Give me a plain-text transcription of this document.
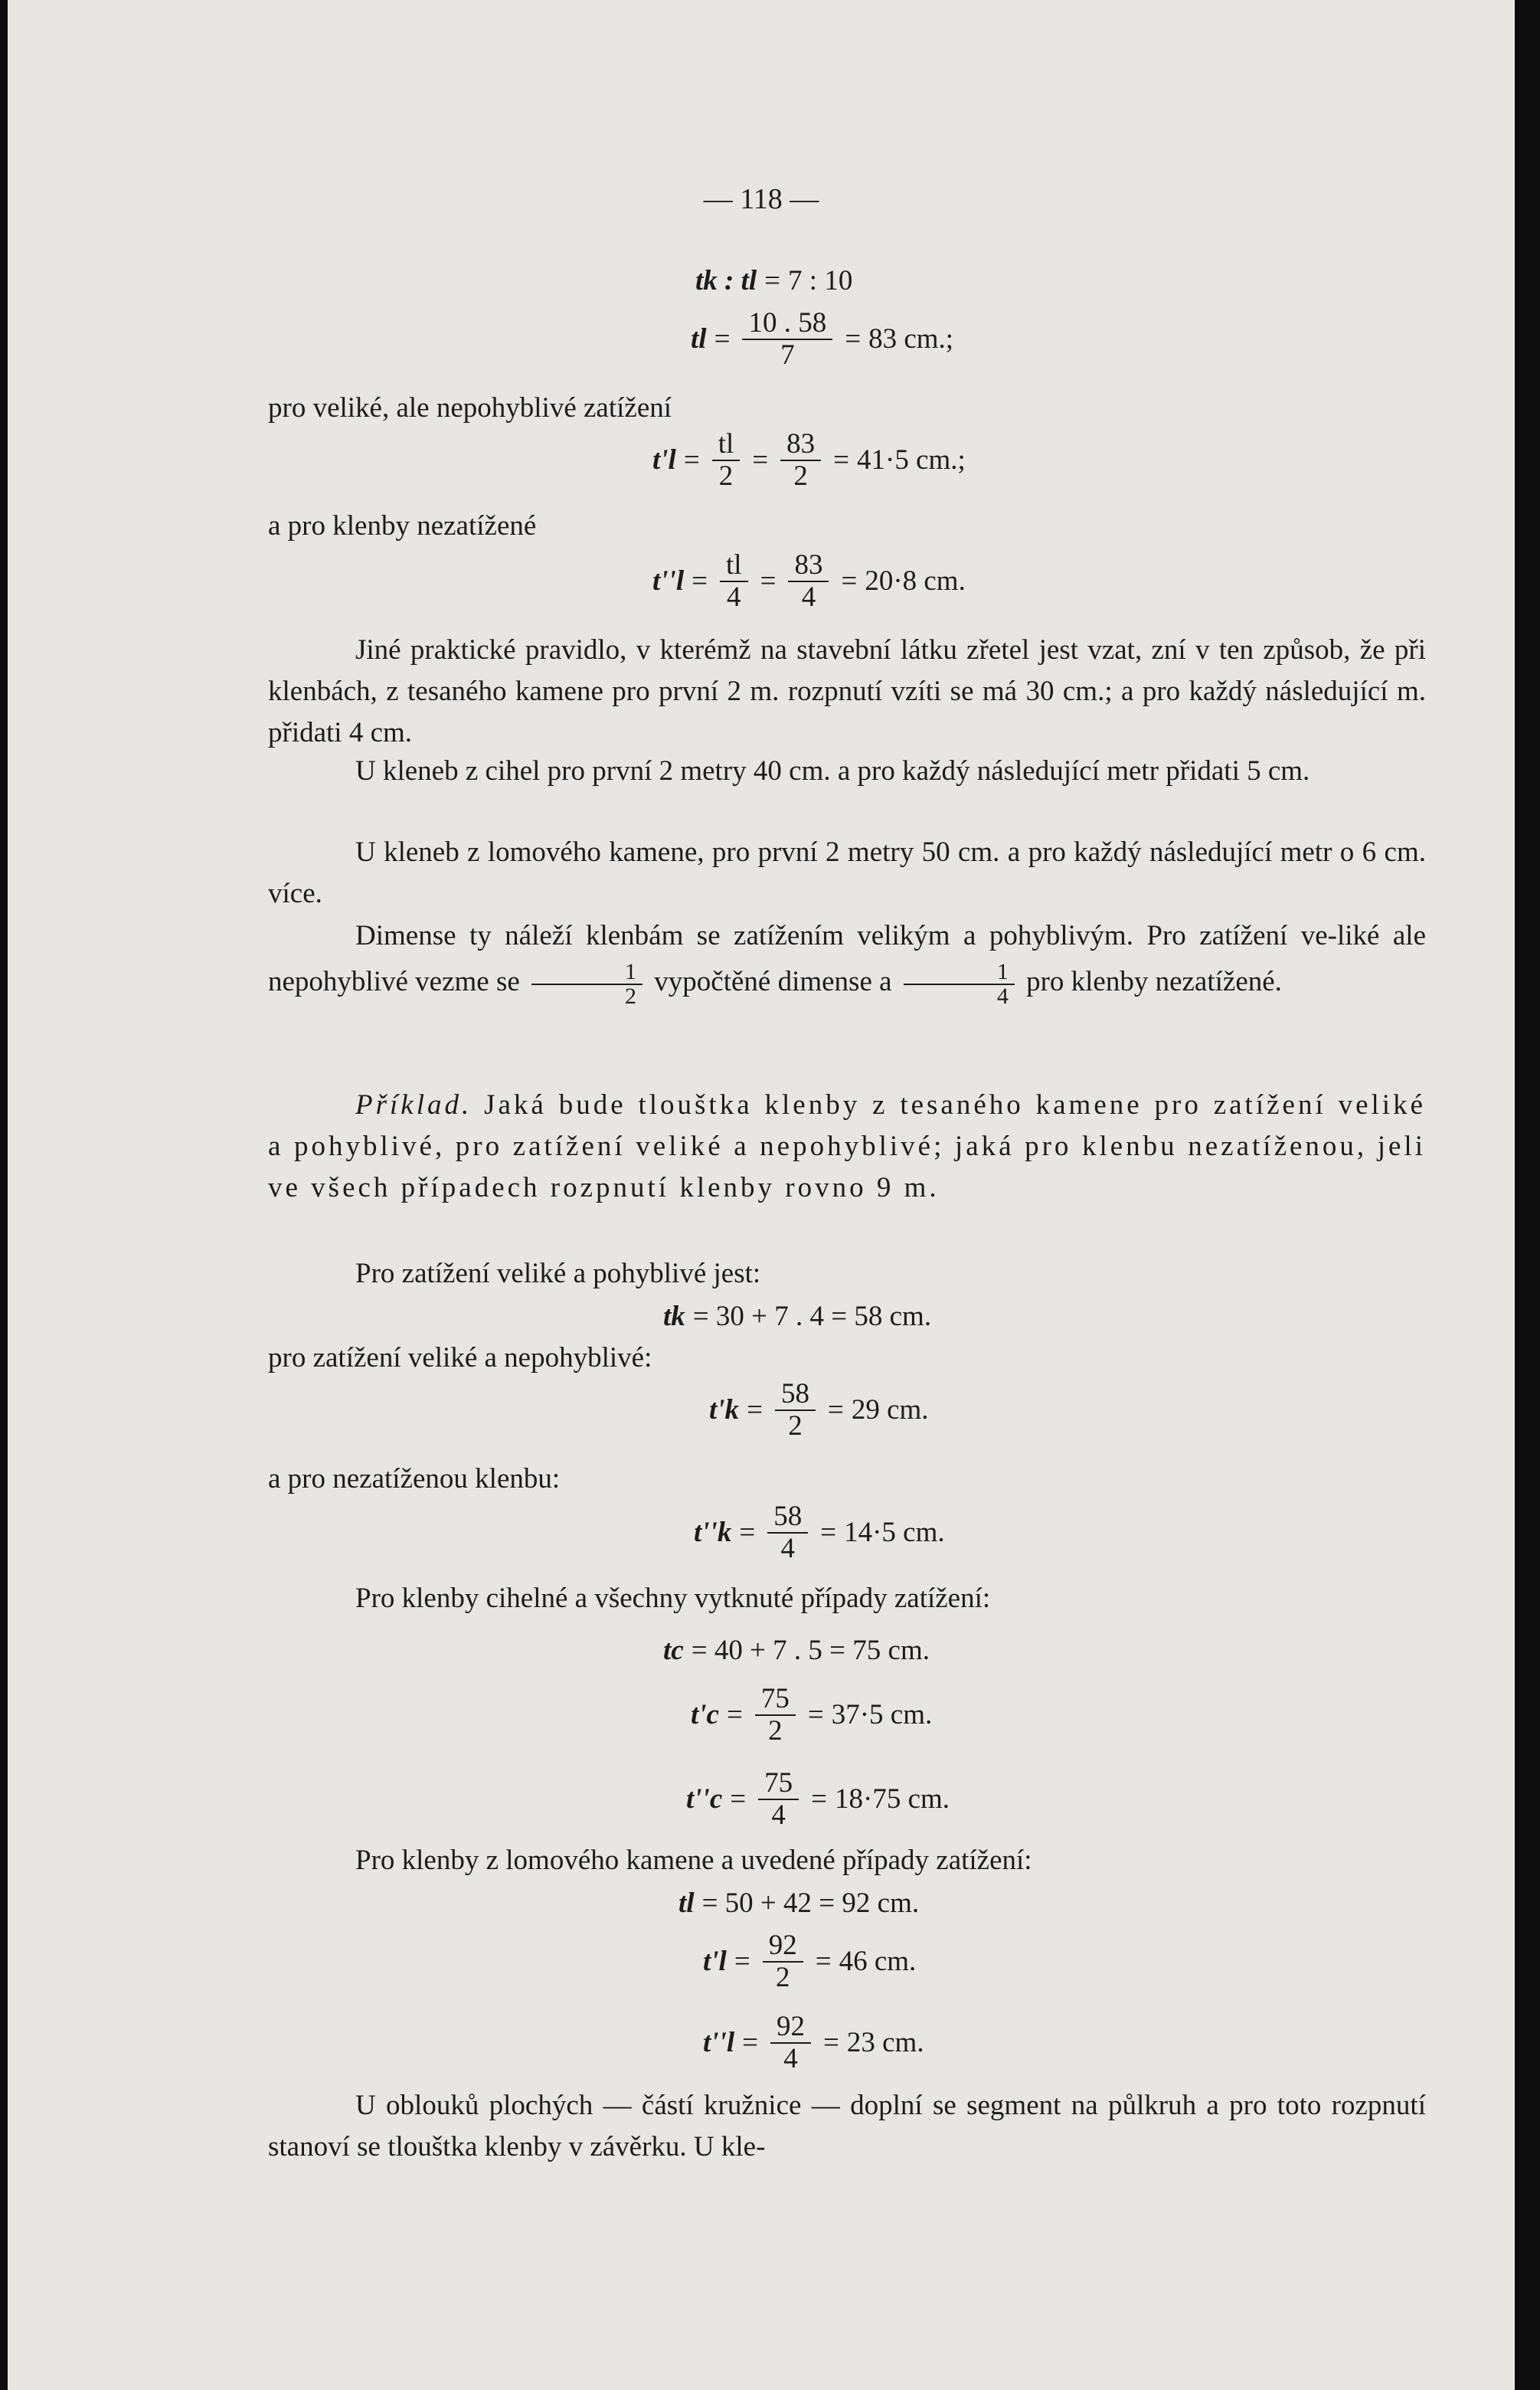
— 118 —
tk : tl = 7 : 10
tl = $\frac{10 . 58}{7} = 83$ cm.;
pro veliké, ale nepohyblivé zatížení
$t'l = \frac{tl}{2} = \frac{83}{2} = 41\cdot 5$ cm.;
a pro klenby nezatížené
$t''l = \frac{tl}{4} = \frac{83}{4} = 20\cdot 8$ cm.
Jiné praktické pravidlo, v kterémž na stavební látku zřetel jest vzat, zní v ten způsob, že při klenbách, z tesaného kamene pro první 2 m. rozpnutí vzíti se má 30 cm.; a pro každý následující m. přidati 4 cm.
U kleneb z cihel pro první 2 metry 40 cm. a pro každý následující metr přidati 5 cm.
U kleneb z lomového kamene, pro první 2 metry 50 cm. a pro každý následující metr o 6 cm. více.
Dimense ty náleží klenbám se zatížením velikým a pohyblivým. Pro zatížení ve-liké ale nepohyblivé vezme se $\frac{1}{2}$ vypočtěné dimense a $\frac{1}{4}$ pro klenby nezatížené.
Příklad. Jaká bude tlouštka klenby z tesaného kamene pro zatížení veliké a pohyblivé, pro zatížení veliké a nepohyblivé; jaká pro klenbu nezatíženou, jeli ve všech případech rozpnutí klenby rovno 9 m.
Pro zatížení veliké a pohyblivé jest:
tk = 30 + 7 . 4 = 58 cm.
pro zatížení veliké a nepohyblivé:
$t'k = \frac{58}{2} = 29$ cm.
a pro nezatíženou klenbu:
$t''k = \frac{58}{4} = 14\cdot 5$ cm.
Pro klenby cihelné a všechny vytknuté případy zatížení:
tc = 40 + 7 . 5 = 75 cm.
$t'c = \frac{75}{2} = 37\cdot 5$ cm.
$t''c = \frac{75}{4} = 18\cdot 75$ cm.
Pro klenby z lomového kamene a uvedené případy zatížení:
tl = 50 + 42 = 92 cm.
$t'l = \frac{92}{2} = 46$ cm.
$t''l = \frac{92}{4} = 23$ cm.
U oblouků plochých — částí kružnice — doplní se segment na půlkruh a pro toto rozpnutí stanoví se tlouštka klenby v závěrku. U kle-
